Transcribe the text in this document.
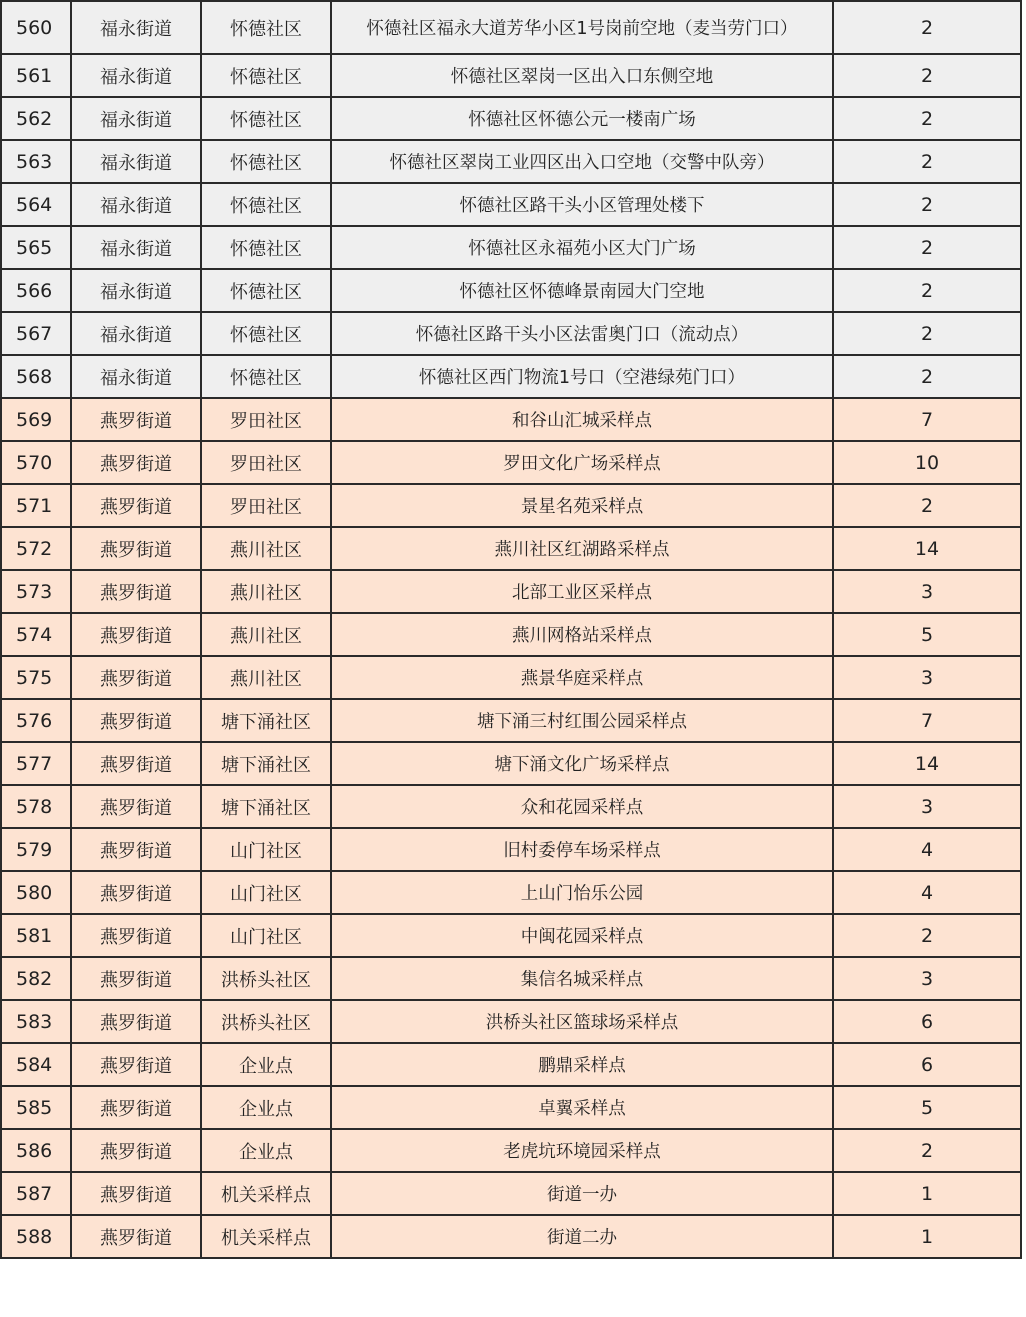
560	福永街道	怀德社区	怀德社区福永大道芳华小区1号岗前空地（麦当劳门口）	2
561	福永街道	怀德社区	怀德社区翠岗一区出入口东侧空地	2
562	福永街道	怀德社区	怀德社区怀德公元一楼南广场	2
563	福永街道	怀德社区	怀德社区翠岗工业四区出入口空地（交警中队旁）	2
564	福永街道	怀德社区	怀德社区路干头小区管理处楼下	2
565	福永街道	怀德社区	怀德社区永福苑小区大门广场	2
566	福永街道	怀德社区	怀德社区怀德峰景南园大门空地	2
567	福永街道	怀德社区	怀德社区路干头小区法雷奥门口（流动点）	2
568	福永街道	怀德社区	怀德社区西门物流1号口（空港绿苑门口）	2
569	燕罗街道	罗田社区	和谷山汇城采样点	7
570	燕罗街道	罗田社区	罗田文化广场采样点	10
571	燕罗街道	罗田社区	景星名苑采样点	2
572	燕罗街道	燕川社区	燕川社区红湖路采样点	14
573	燕罗街道	燕川社区	北部工业区采样点	3
574	燕罗街道	燕川社区	燕川网格站采样点	5
575	燕罗街道	燕川社区	燕景华庭采样点	3
576	燕罗街道	塘下涌社区	塘下涌三村红围公园采样点	7
577	燕罗街道	塘下涌社区	塘下涌文化广场采样点	14
578	燕罗街道	塘下涌社区	众和花园采样点	3
579	燕罗街道	山门社区	旧村委停车场采样点	4
580	燕罗街道	山门社区	上山门怡乐公园	4
581	燕罗街道	山门社区	中闽花园采样点	2
582	燕罗街道	洪桥头社区	集信名城采样点	3
583	燕罗街道	洪桥头社区	洪桥头社区篮球场采样点	6
584	燕罗街道	企业点	鹏鼎采样点	6
585	燕罗街道	企业点	卓翼采样点	5
586	燕罗街道	企业点	老虎坑环境园采样点	2
587	燕罗街道	机关采样点	街道一办	1
588	燕罗街道	机关采样点	街道二办	1
